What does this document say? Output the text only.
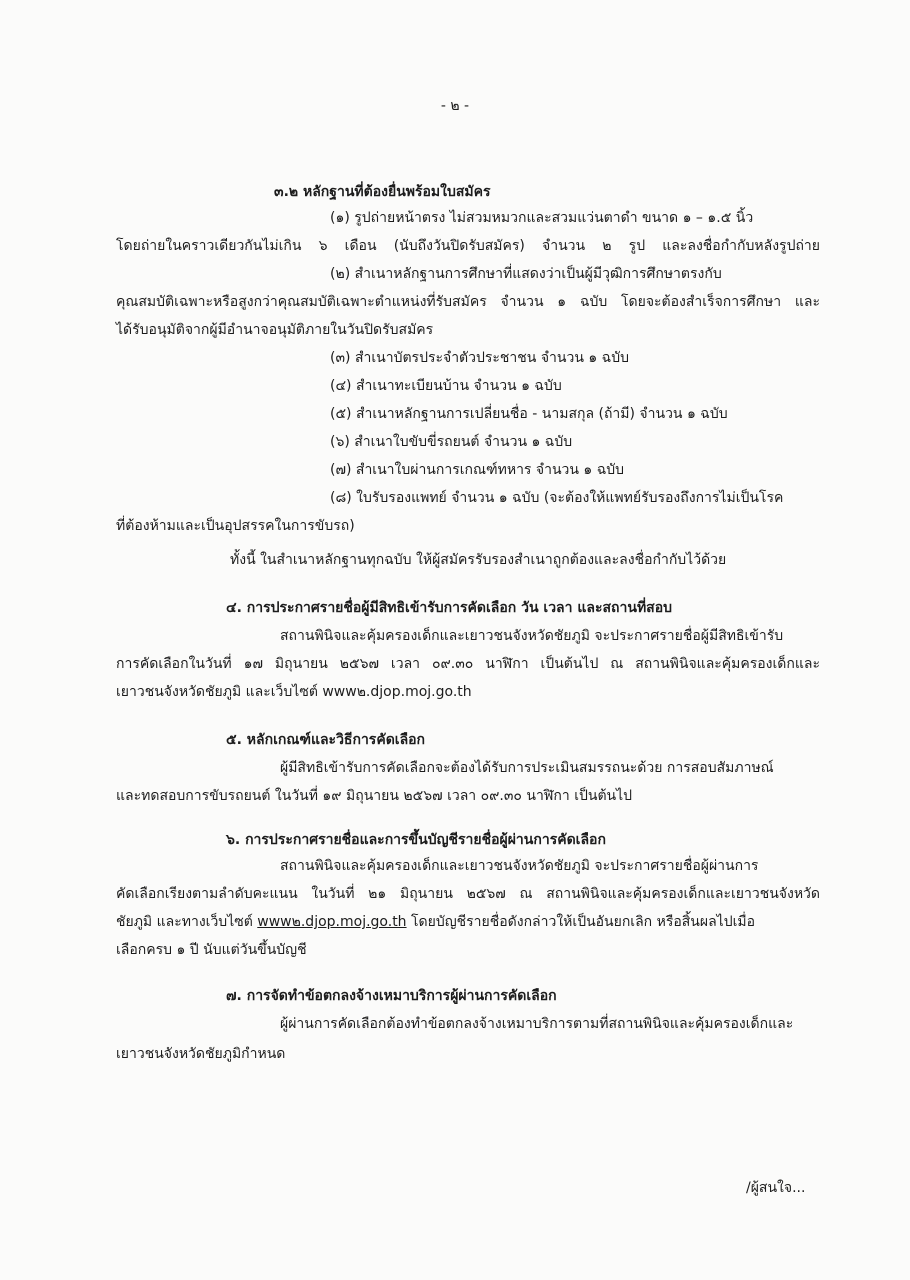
- ๒ -
๓.๒ หลักฐานที่ต้องยื่นพร้อมใบสมัคร
(๑) รูปถ่ายหน้าตรง ไม่สวมหมวกและสวมแว่นตาดำ ขนาด ๑ – ๑.๕ นิ้ว
โดยถ่ายในคราวเดียวกันไม่เกิน ๖ เดือน (นับถึงวันปิดรับสมัคร) จำนวน ๒ รูป และลงชื่อกำกับหลังรูปถ่าย
(๒) สำเนาหลักฐานการศึกษาที่แสดงว่าเป็นผู้มีวุฒิการศึกษาตรงกับ
คุณสมบัติเฉพาะหรือสูงกว่าคุณสมบัติเฉพาะตำแหน่งที่รับสมัคร จำนวน ๑ ฉบับ โดยจะต้องสำเร็จการศึกษา และ
ได้รับอนุมัติจากผู้มีอำนาจอนุมัติภายในวันปิดรับสมัคร
(๓) สำเนาบัตรประจำตัวประชาชน จำนวน ๑ ฉบับ
(๔) สำเนาทะเบียนบ้าน จำนวน ๑ ฉบับ
(๕) สำเนาหลักฐานการเปลี่ยนชื่อ - นามสกุล (ถ้ามี) จำนวน ๑ ฉบับ
(๖) สำเนาใบขับขี่รถยนต์ จำนวน ๑ ฉบับ
(๗) สำเนาใบผ่านการเกณฑ์ทหาร จำนวน ๑ ฉบับ
(๘) ใบรับรองแพทย์ จำนวน ๑ ฉบับ (จะต้องให้แพทย์รับรองถึงการไม่เป็นโรค
ที่ต้องห้ามและเป็นอุปสรรคในการขับรถ)
ทั้งนี้ ในสำเนาหลักฐานทุกฉบับ ให้ผู้สมัครรับรองสำเนาถูกต้องและลงชื่อกำกับไว้ด้วย
๔. การประกาศรายชื่อผู้มีสิทธิเข้ารับการคัดเลือก วัน เวลา และสถานที่สอบ
สถานพินิจและคุ้มครองเด็กและเยาวชนจังหวัดชัยภูมิ จะประกาศรายชื่อผู้มีสิทธิเข้ารับ
การคัดเลือกในวันที่ ๑๗ มิถุนายน ๒๕๖๗ เวลา ๐๙.๓๐ นาฬิกา เป็นต้นไป ณ สถานพินิจและคุ้มครองเด็กและ
เยาวชนจังหวัดชัยภูมิ และเว็บไซต์ www๒.djop.moj.go.th
๕. หลักเกณฑ์และวิธีการคัดเลือก
ผู้มีสิทธิเข้ารับการคัดเลือกจะต้องได้รับการประเมินสมรรถนะด้วย การสอบสัมภาษณ์
และทดสอบการขับรถยนต์ ในวันที่ ๑๙ มิถุนายน ๒๕๖๗ เวลา ๐๙.๓๐ นาฬิกา เป็นต้นไป
๖. การประกาศรายชื่อและการขึ้นบัญชีรายชื่อผู้ผ่านการคัดเลือก
สถานพินิจและคุ้มครองเด็กและเยาวชนจังหวัดชัยภูมิ จะประกาศรายชื่อผู้ผ่านการ
คัดเลือกเรียงตามลำดับคะแนน ในวันที่ ๒๑ มิถุนายน ๒๕๖๗ ณ สถานพินิจและคุ้มครองเด็กและเยาวชนจังหวัด
ชัยภูมิ และทางเว็บไซต์ www๒.djop.moj.go.th โดยบัญชีรายชื่อดังกล่าวให้เป็นอันยกเลิก หรือสิ้นผลไปเมื่อ
เลือกครบ ๑ ปี นับแต่วันขึ้นบัญชี
๗. การจัดทำข้อตกลงจ้างเหมาบริการผู้ผ่านการคัดเลือก
ผู้ผ่านการคัดเลือกต้องทำข้อตกลงจ้างเหมาบริการตามที่สถานพินิจและคุ้มครองเด็กและ
เยาวชนจังหวัดชัยภูมิกำหนด
/ผู้สนใจ...
